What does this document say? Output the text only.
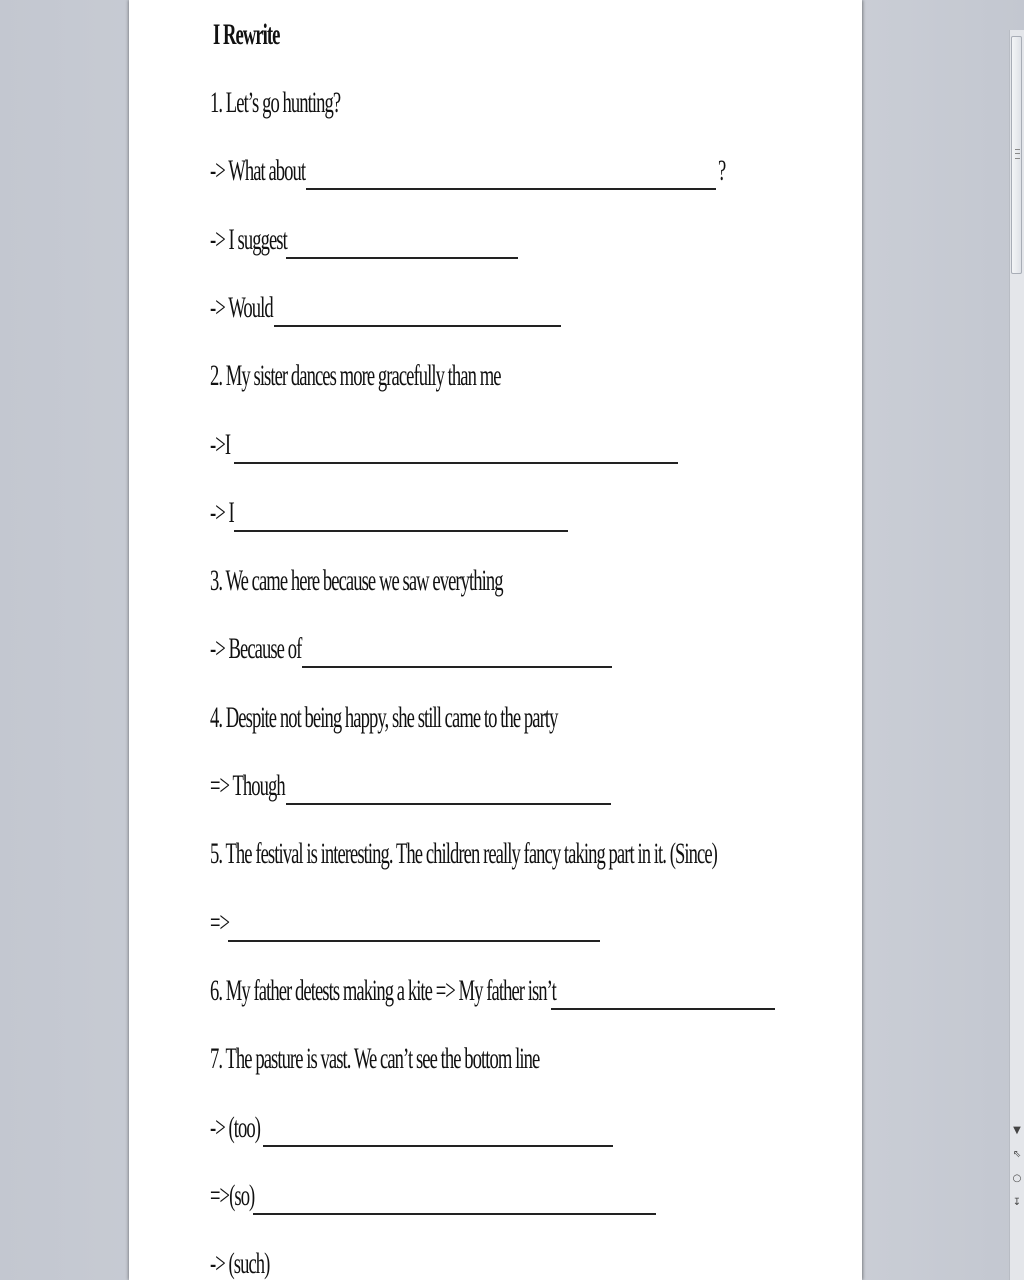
I Rewrite
1. Let’s go hunting?
-> What about	?
-> I suggest
-> Would
2. My sister dances more gracefully than me
->I
-> I
3. We came here because we saw everything
-> Because of
4. Despite not being happy, she still came to the party
=> Though
5. The festival is interesting. The children really fancy taking part in it. (Since)
=>
6. My father detests making a kite => My father isn’t
7. The pasture is vast. We can’t see the bottom line
-> (too)
=>(so)
-> (such)
▼
⇖
○
↧
